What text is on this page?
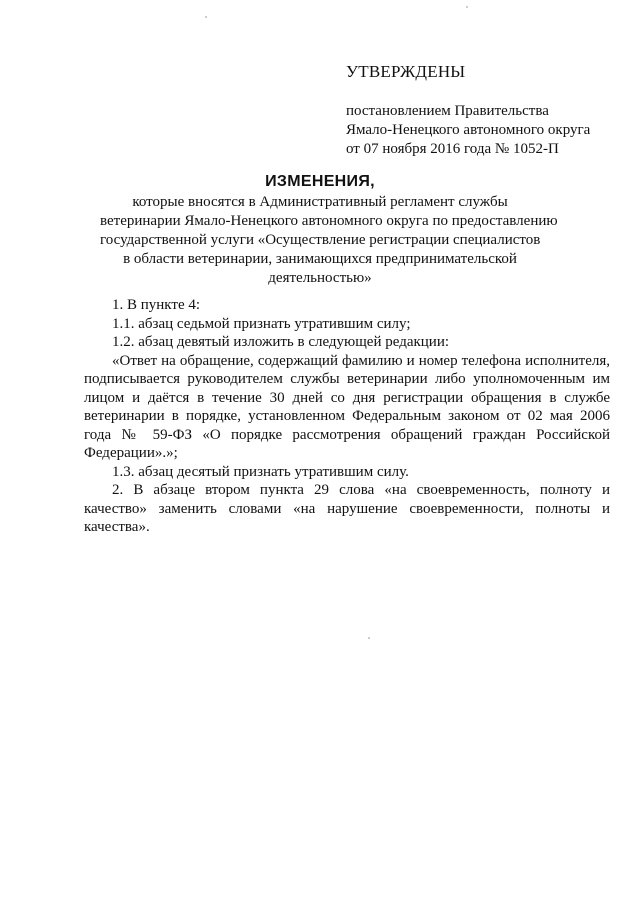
УТВЕРЖДЕНЫ
постановлением Правительства
Ямало-Ненецкого автономного округа
от 07 ноября 2016 года № 1052-П
ИЗМЕНЕНИЯ,
которые вносятся в Административный регламент службы
ветеринарии Ямало-Ненецкого автономного округа по предоставлению
государственной услуги «Осуществление регистрации специалистов
в области ветеринарии, занимающихся предпринимательской
деятельностью»

1. В пункте 4:

1.1. абзац седьмой признать утратившим силу;

1.2. абзац девятый изложить в следующей редакции:

«Ответ на обращение, содержащий фамилию и номер телефона исполнителя, подписывается руководителем службы ветеринарии либо уполномоченным им лицом и даётся в течение 30 дней со дня регистрации обращения в службе ветеринарии в порядке, установленном Федеральным законом от 02 мая 2006 года № 59-ФЗ «О порядке рассмотрения обращений граждан Российской Федерации».»;

1.3. абзац десятый признать утратившим силу.

2. В абзаце втором пункта 29 слова «на своевременность, полноту и качество» заменить словами «на нарушение своевременности, полноты и качества».
